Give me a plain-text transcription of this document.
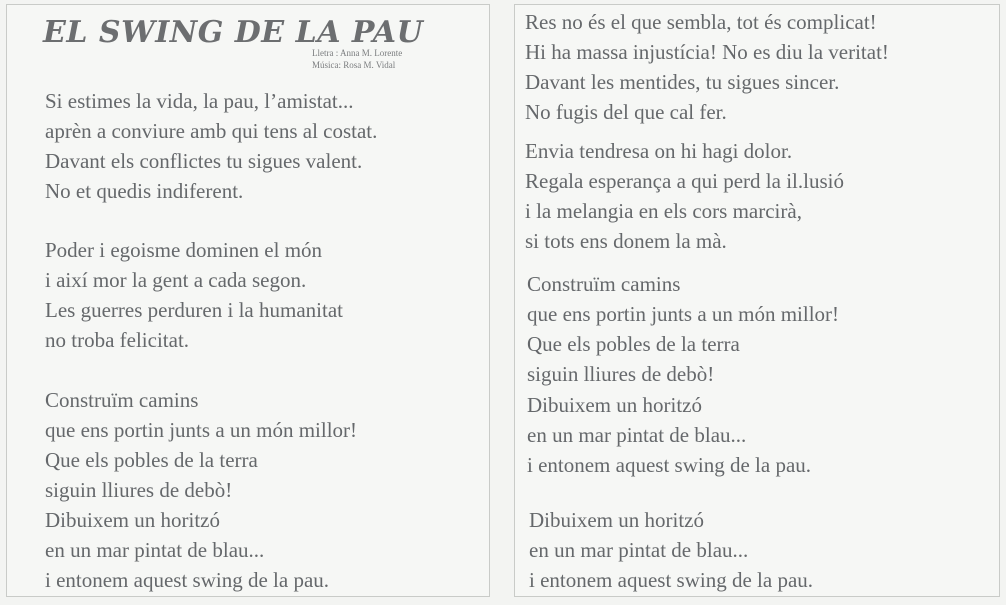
EL SWING DE LA PAU
Lletra : Anna M. Lorente
Música: Rosa M. Vidal
Si estimes la vida, la pau, l’amistat...
aprèn a conviure amb qui tens al costat.
Davant els conflictes tu sigues valent.
No et quedis indiferent.
Poder i egoisme dominen el món
i així mor la gent a cada segon.
Les guerres perduren i la humanitat
no troba felicitat.
Construïm camins
que ens portin junts a un món millor!
Que els pobles de la terra
siguin lliures de debò!
Dibuixem un horitzó
en un mar pintat de blau...
i entonem aquest swing de la pau.
Res no és el que sembla, tot és complicat!
Hi ha massa injustícia! No es diu la veritat!
Davant les mentides, tu sigues sincer.
No fugis del que cal fer.
Envia tendresa on hi hagi dolor.
Regala esperança a qui perd la il.lusió
i la melangia en els cors marcirà,
si tots ens donem la mà.
Construïm camins
que ens portin junts a un món millor!
Que els pobles de la terra
siguin lliures de debò!
Dibuixem un horitzó
en un mar pintat de blau...
i entonem aquest swing de la pau.
Dibuixem un horitzó
en un mar pintat de blau...
i entonem aquest swing de la pau.
